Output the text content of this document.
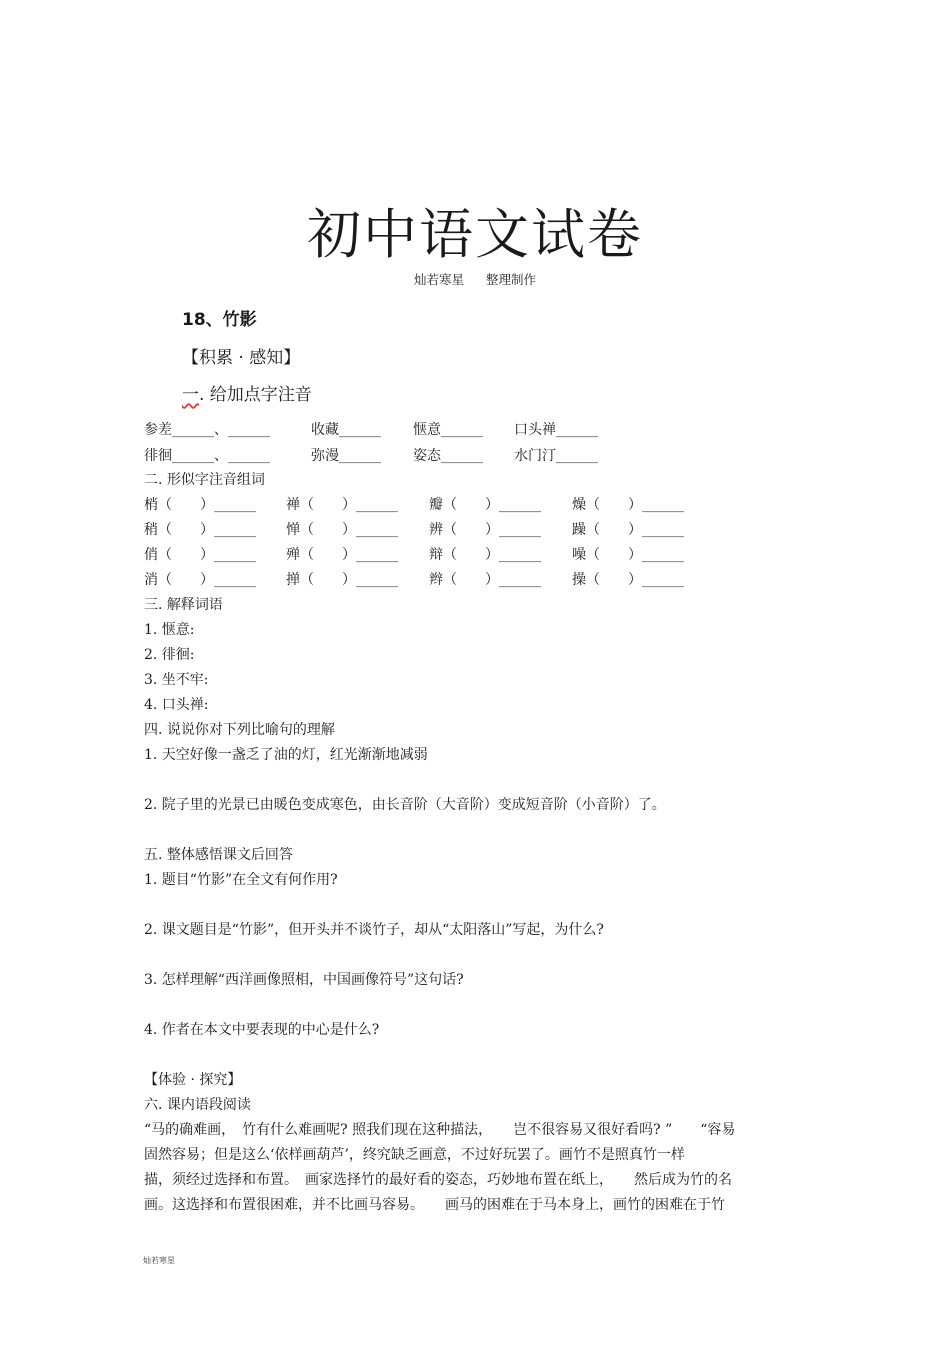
初中语文试卷
灿若寒星 整理制作
18、竹影
【积累 · 感知】
一. 给加点字注音
参差______、______	收藏______ 惬意______ 口头禅______
徘徊______、______	弥漫______ 姿态______ 水门汀______
二. 形似字注音组词
梢（　　）______ 禅（　　）______ 瓣（　　）______ 燥（　　）______
稍（　　）______ 惮（　　）______ 辨（　　）______ 躁（　　）______
俏（　　）______ 殚（　　）______ 辩（　　）______ 噪（　　）______
消（　　）______ 掸（　　）______ 辫（　　）______ 操（　　）______
三. 解释词语
1. 惬意:
2. 徘徊:
3. 坐不牢:
4. 口头禅:
四. 说说你对下列比喻句的理解
1. 天空好像一盏乏了油的灯，红光渐渐地减弱
2. 院子里的光景已由暖色变成寒色，由长音阶（大音阶）变成短音阶（小音阶）了。
五. 整体感悟课文后回答
1. 题目“竹影”在全文有何作用?
2. 课文题目是“竹影”，但开头并不谈竹子，却从“太阳落山”写起，为什么?
3. 怎样理解“西洋画像照相，中国画像符号”这句话?
4. 作者在本文中要表现的中心是什么?
【体验 · 探究】
六. 课内语段阅读
“马的确难画，　竹有什么难画呢? 照我们现在这种描法，　　岂不很容易又很好看吗? ”　　“容易
固然容易；但是这么‘依样画葫芦’，终究缺乏画意，不过好玩罢了。画竹不是照真竹一样
描，须经过选择和布置。　画家选择竹的最好看的姿态，巧妙地布置在纸上，　　然后成为竹的名
画。这选择和布置很困难，并不比画马容易。　　画马的困难在于马本身上，画竹的困难在于竹
灿若寒星
